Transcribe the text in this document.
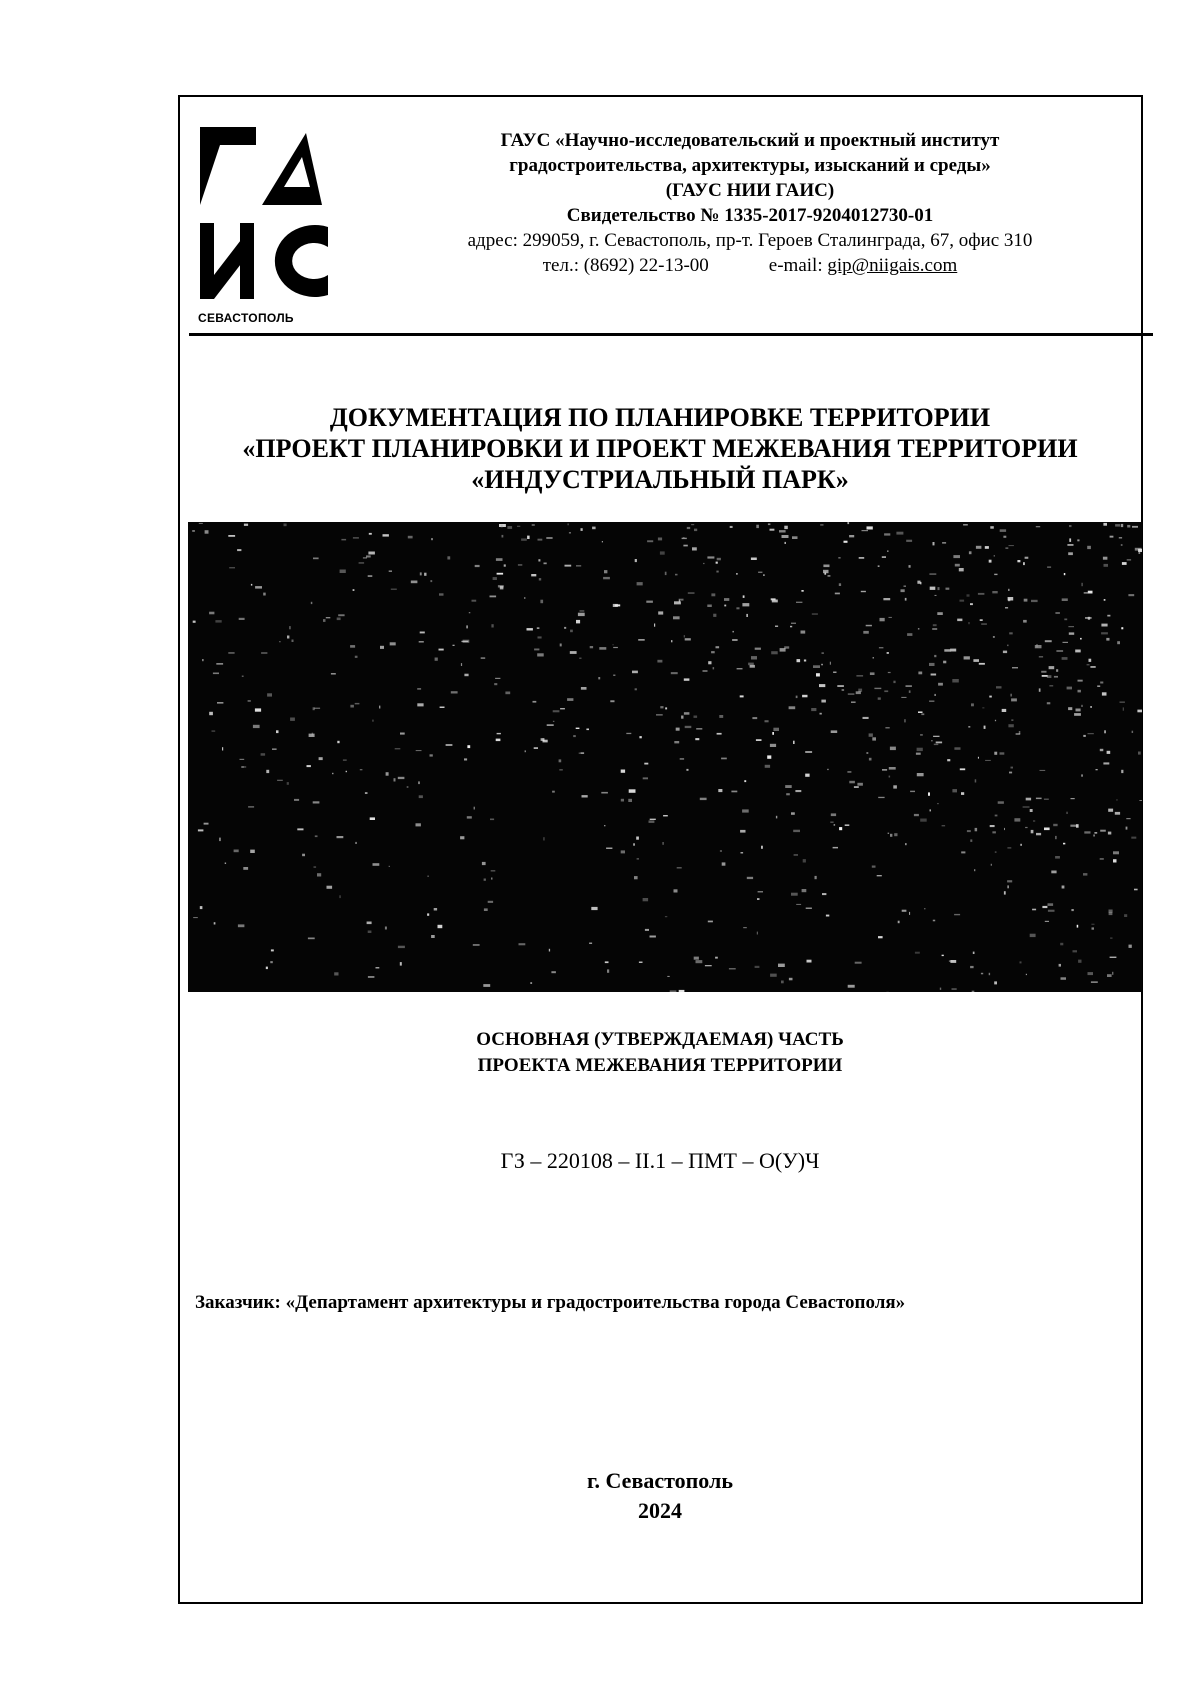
СЕВАСТОПОЛЬ
ГАУС «Научно-исследовательский и проектный институт
градостроительства, архитектуры, изысканий и среды»
(ГАУС НИИ ГАИС)
Свидетельство № 1335-2017-9204012730-01
адрес: 299059, г. Севастополь, пр-т. Героев Сталинграда, 67, офис 310
тел.: (8692) 22-13-00	e-mail: gip@niigais.com
ДОКУМЕНТАЦИЯ ПО ПЛАНИРОВКЕ ТЕРРИТОРИИ
«ПРОЕКТ ПЛАНИРОВКИ И ПРОЕКТ МЕЖЕВАНИЯ ТЕРРИТОРИИ
«ИНДУСТРИАЛЬНЫЙ ПАРК»
ОСНОВНАЯ (УТВЕРЖДАЕМАЯ) ЧАСТЬ
ПРОЕКТА МЕЖЕВАНИЯ ТЕРРИТОРИИ
ГЗ – 220108 – II.1 – ПМТ – О(У)Ч
Заказчик: «Департамент архитектуры и градостроительства города Севастополя»
г. Севастополь
2024
